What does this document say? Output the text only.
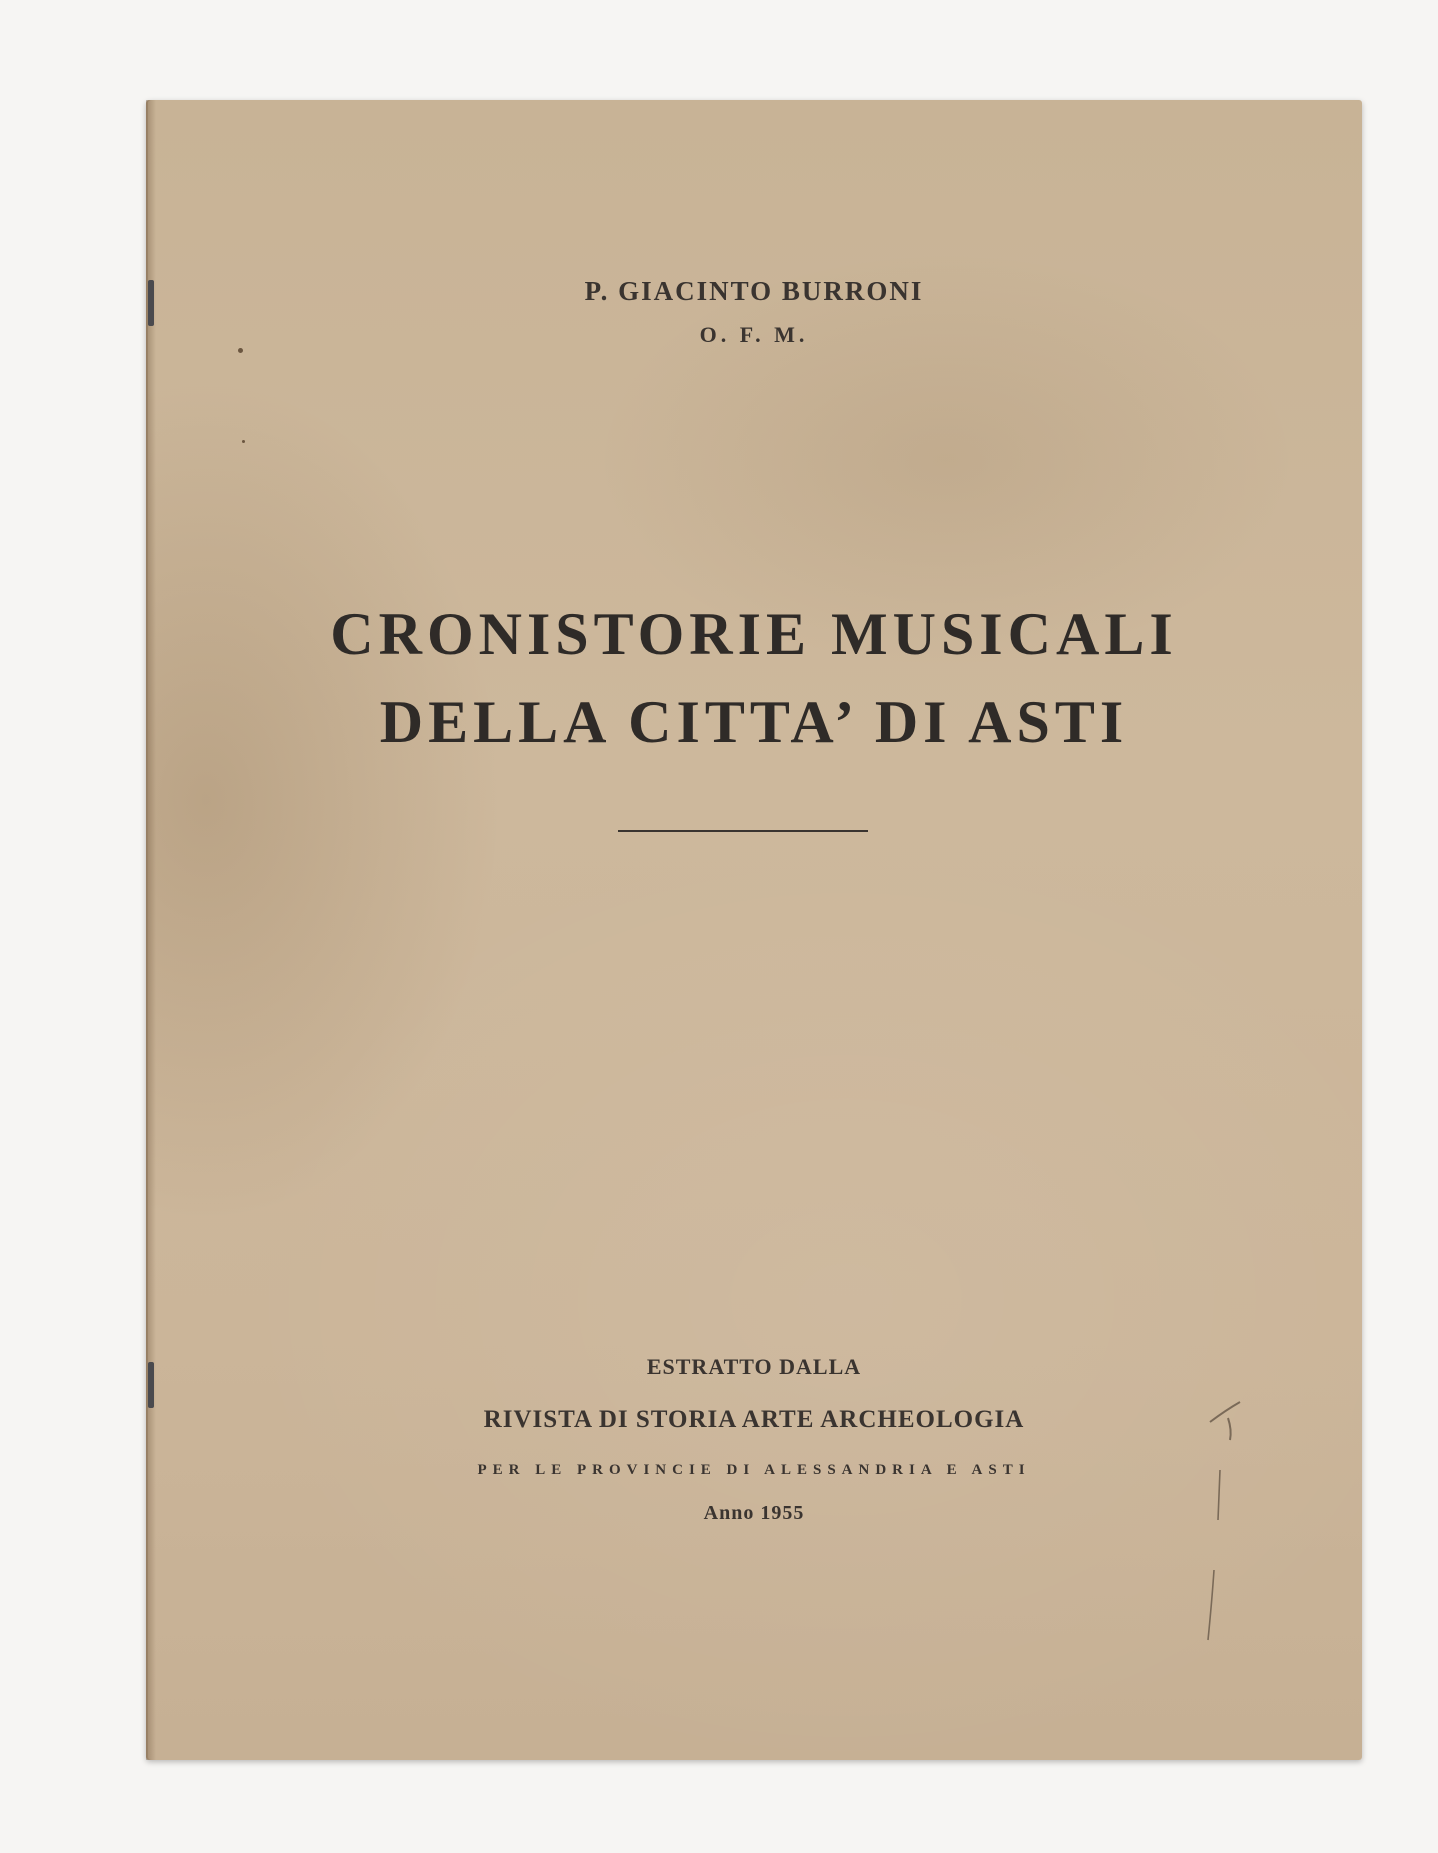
P. GIACINTO BURRONI
O. F. M.
CRONISTORIE MUSICALI
DELLA CITTA’ DI ASTI
ESTRATTO DALLA
RIVISTA DI STORIA ARTE ARCHEOLOGIA
PER LE PROVINCIE DI ALESSANDRIA E ASTI
Anno 1955
